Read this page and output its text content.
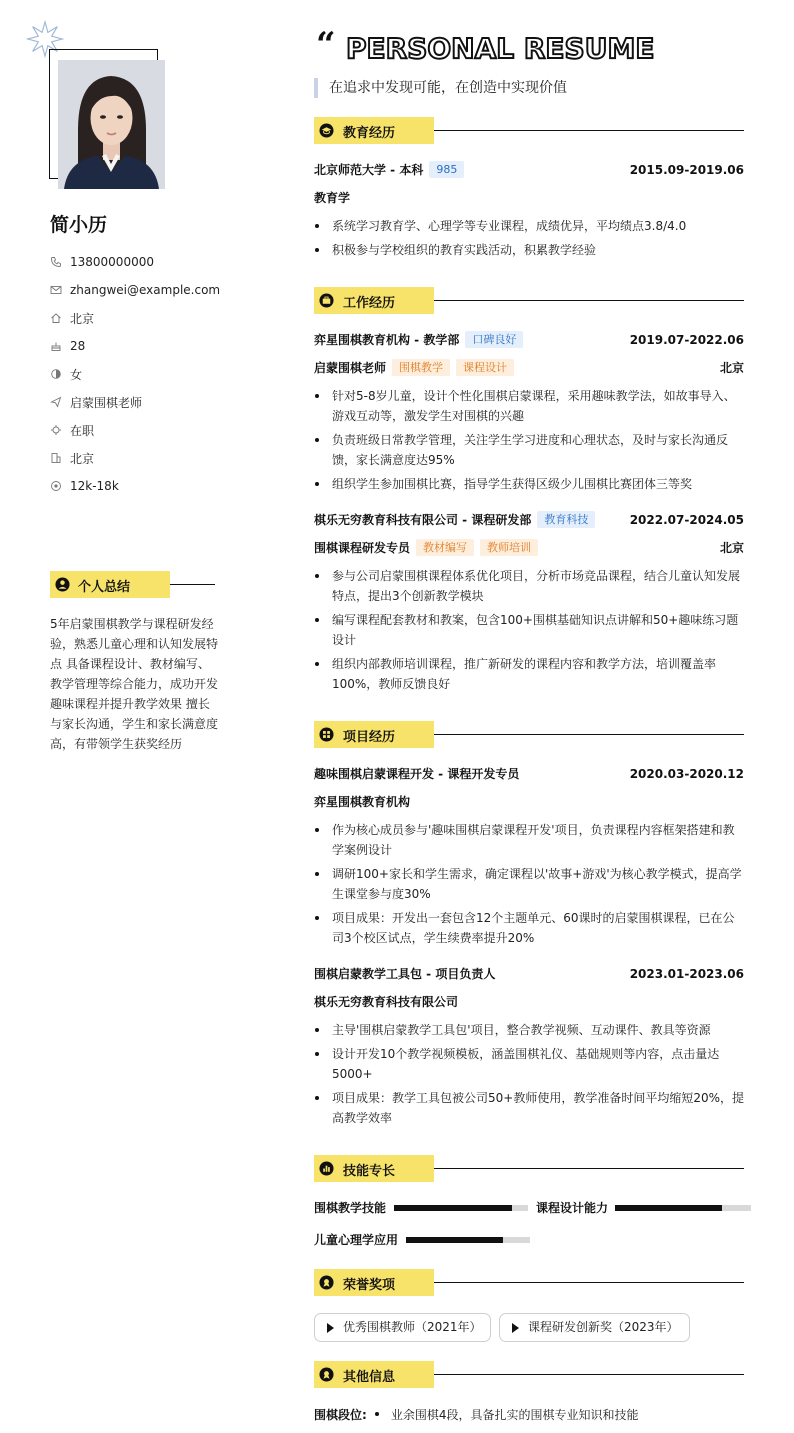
简小历
13800000000
zhangwei@example.com
北京
28
女
启蒙围棋老师
在职
北京
12k-18k
个人总结
5年启蒙围棋教学与课程研发经验，熟悉儿童心理和认知发展特点 具备课程设计、教材编写、教学管理等综合能力，成功开发趣味课程并提升教学效果 擅长与家长沟通，学生和家长满意度高，有带领学生获奖经历
“ PERSONAL RESUME
在追求中发现可能，在创造中实现价值
教育经历
北京师范大学 - 本科 985	2015.09-2019.06
教育学
系统学习教育学、心理学等专业课程，成绩优异，平均绩点3.8/4.0
积极参与学校组织的教育实践活动，积累教学经验
工作经历
弈星围棋教育机构 - 教学部 口碑良好	2019.07-2022.06
启蒙围棋老师 围棋教学 课程设计	北京
针对5-8岁儿童，设计个性化围棋启蒙课程，采用趣味教学法，如故事导入、游戏互动等，激发学生对围棋的兴趣
负责班级日常教学管理，关注学生学习进度和心理状态，及时与家长沟通反馈，家长满意度达95%
组织学生参加围棋比赛，指导学生获得区级少儿围棋比赛团体三等奖
棋乐无穷教育科技有限公司 - 课程研发部 教育科技	2022.07-2024.05
围棋课程研发专员 教材编写 教师培训	北京
参与公司启蒙围棋课程体系优化项目，分析市场竞品课程，结合儿童认知发展特点，提出3个创新教学模块
编写课程配套教材和教案，包含100+围棋基础知识点讲解和50+趣味练习题设计
组织内部教师培训课程，推广新研发的课程内容和教学方法，培训覆盖率100%，教师反馈良好
项目经历
趣味围棋启蒙课程开发 - 课程开发专员	2020.03-2020.12
弈星围棋教育机构
作为核心成员参与'趣味围棋启蒙课程开发'项目，负责课程内容框架搭建和教学案例设计
调研100+家长和学生需求，确定课程以'故事+游戏'为核心教学模式，提高学生课堂参与度30%
项目成果：开发出一套包含12个主题单元、60课时的启蒙围棋课程，已在公司3个校区试点，学生续费率提升20%
围棋启蒙教学工具包 - 项目负责人	2023.01-2023.06
棋乐无穷教育科技有限公司
主导'围棋启蒙教学工具包'项目，整合教学视频、互动课件、教具等资源
设计开发10个教学视频模板，涵盖围棋礼仪、基础规则等内容，点击量达5000+
项目成果：教学工具包被公司50+教师使用，教学准备时间平均缩短20%，提高教学效率
技能专长
围棋教学技能	课程设计能力
儿童心理学应用
荣誉奖项
优秀围棋教师（2021年）	课程研发创新奖（2023年）
其他信息
围棋段位: 业余围棋4段，具备扎实的围棋专业知识和技能
